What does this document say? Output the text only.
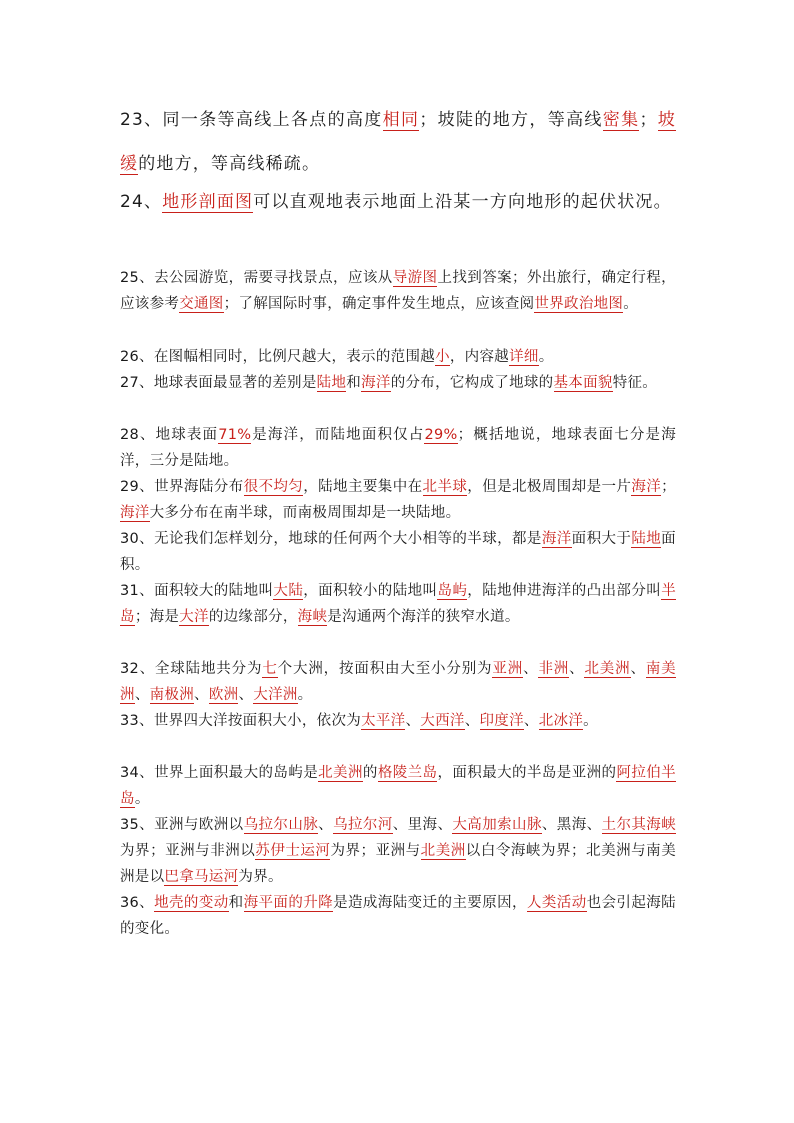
23、同一条等高线上各点的高度相同；坡陡的地方，等高线密集；坡缓的地方，等高线稀疏。
24、地形剖面图可以直观地表示地面上沿某一方向地形的起伏状况。
25、去公园游览，需要寻找景点，应该从导游图上找到答案；外出旅行，确定行程，应该参考交通图；了解国际时事，确定事件发生地点，应该查阅世界政治地图。
26、在图幅相同时，比例尺越大，表示的范围越小，内容越详细。
27、地球表面最显著的差别是陆地和海洋的分布，它构成了地球的基本面貌特征。
28、地球表面71%是海洋，而陆地面积仅占29%；概括地说，地球表面七分是海洋，三分是陆地。
29、世界海陆分布很不均匀，陆地主要集中在北半球，但是北极周围却是一片海洋；海洋大多分布在南半球，而南极周围却是一块陆地。
30、无论我们怎样划分，地球的任何两个大小相等的半球，都是海洋面积大于陆地面积。
31、面积较大的陆地叫大陆，面积较小的陆地叫岛屿，陆地伸进海洋的凸出部分叫半岛；海是大洋的边缘部分，海峡是沟通两个海洋的狭窄水道。
32、全球陆地共分为七个大洲，按面积由大至小分别为亚洲、非洲、北美洲、南美洲、南极洲、欧洲、大洋洲。
33、世界四大洋按面积大小，依次为太平洋、大西洋、印度洋、北冰洋。
34、世界上面积最大的岛屿是北美洲的格陵兰岛，面积最大的半岛是亚洲的阿拉伯半岛。
35、亚洲与欧洲以乌拉尔山脉、乌拉尔河、里海、大高加索山脉、黑海、土尔其海峡为界；亚洲与非洲以苏伊士运河为界；亚洲与北美洲以白令海峡为界；北美洲与南美洲是以巴拿马运河为界。
36、地壳的变动和海平面的升降是造成海陆变迁的主要原因，人类活动也会引起海陆的变化。
